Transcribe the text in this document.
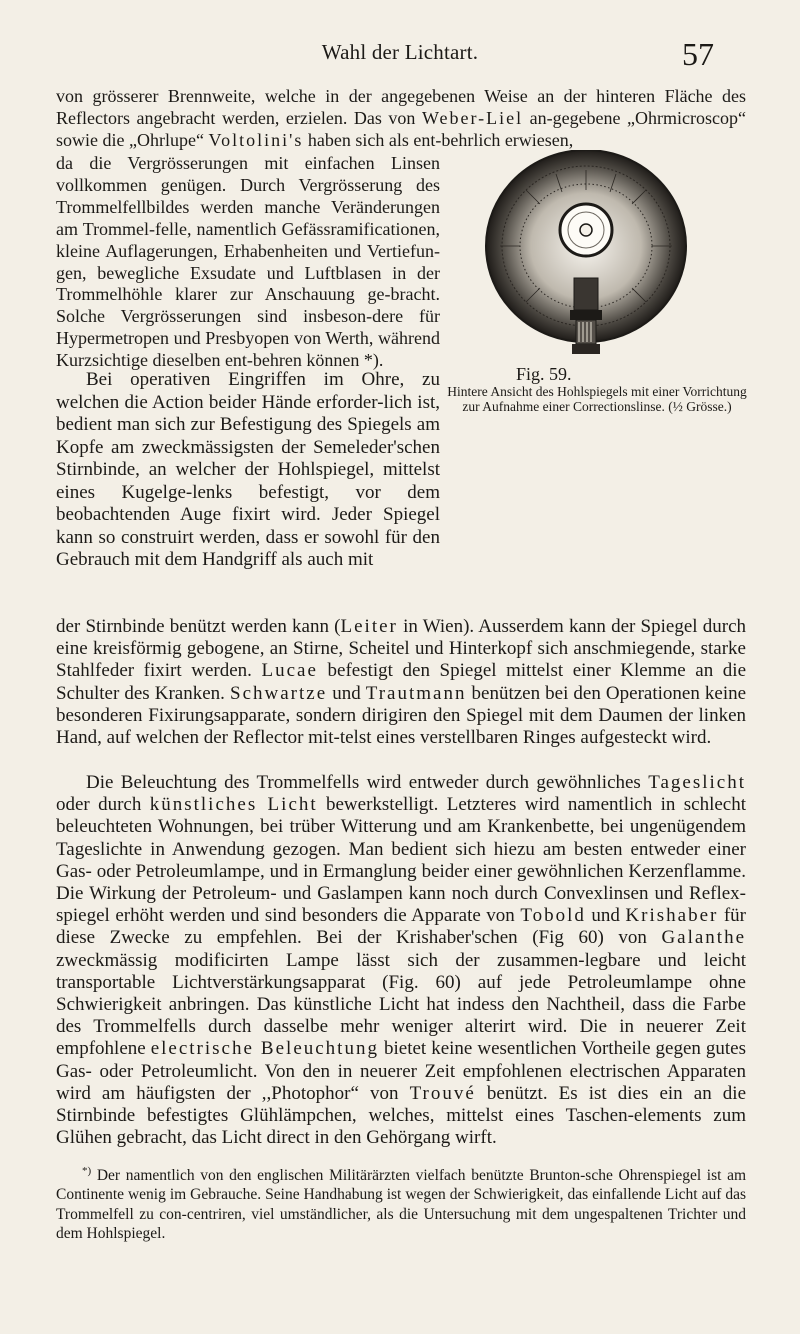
Wahl der Lichtart.	57

von grösserer Brennweite, welche in der angegebenen Weise an der hinteren Fläche des Reflectors angebracht werden, erzielen. Das von Weber-Liel an-gegebene „Ohrmicroscop“ sowie die „Ohrlupe“ Voltolini's haben sich als ent-behrlich erwiesen,

da die Vergrösserungen mit einfachen Linsen vollkommen genügen. Durch Vergrösserung des Trommelfellbildes werden manche Veränderungen am Trommel-felle, namentlich Gefässramificationen, kleine Auflagerungen, Erhabenheiten und Vertiefun-gen, bewegliche Exsudate und Luftblasen in der Trommelhöhle klarer zur Anschauung ge-bracht. Solche Vergrösserungen sind insbeson-dere für Hypermetropen und Presbyopen von Werth, während Kurzsichtige dieselben ent-behren können *).

Bei operativen Eingriffen im Ohre, zu welchen die Action beider Hände erforder-lich ist, bedient man sich zur Befestigung des Spiegels am Kopfe am zweckmässigsten der Semeleder'schen Stirnbinde, an welcher der Hohlspiegel, mittelst eines Kugelge-lenks befestigt, vor dem beobachtenden Auge fixirt wird. Jeder Spiegel kann so construirt werden, dass er sowohl für den Gebrauch mit dem Handgriff als auch mit

der Stirnbinde benützt werden kann (Leiter in Wien). Ausserdem kann der Spiegel durch eine kreisförmig gebogene, an Stirne, Scheitel und Hinterkopf sich anschmiegende, starke Stahlfeder fixirt werden. Lucae befestigt den Spiegel mittelst einer Klemme an die Schulter des Kranken. Schwartze und Trautmann benützen bei den Operationen keine besonderen Fixirungsapparate, sondern dirigiren den Spiegel mit dem Daumen der linken Hand, auf welchen der Reflector mit-telst eines verstellbaren Ringes aufgesteckt wird.

Die Beleuchtung des Trommelfells wird entweder durch gewöhnliches Tageslicht oder durch künstliches Licht bewerkstelligt. Letzteres wird namentlich in schlecht beleuchteten Wohnungen, bei trüber Witterung und am Krankenbette, bei ungenügendem Tageslichte in Anwendung gezogen. Man bedient sich hiezu am besten entweder einer Gas- oder Petroleumlampe, und in Ermanglung beider einer gewöhnlichen Kerzenflamme. Die Wirkung der Petroleum- und Gaslampen kann noch durch Convexlinsen und Reflex-spiegel erhöht werden und sind besonders die Apparate von Tobold und Krishaber für diese Zwecke zu empfehlen. Bei der Krishaber'schen (Fig 60) von Galanthe zweckmässig modificirten Lampe lässt sich der zusammen-legbare und leicht transportable Lichtverstärkungsapparat (Fig. 60) auf jede Petroleumlampe ohne Schwierigkeit anbringen. Das künstliche Licht hat indess den Nachtheil, dass die Farbe des Trommelfells durch dasselbe mehr weniger alterirt wird. Die in neuerer Zeit empfohlene electrische Beleuchtung bietet keine wesentlichen Vortheile gegen gutes Gas- oder Petroleumlicht. Von den in neuerer Zeit empfohlenen electrischen Apparaten wird am häufigsten der ,,Photophor“ von Trouvé benützt. Es ist dies ein an die Stirnbinde befestigtes Glühlämpchen, welches, mittelst eines Taschen-elements zum Glühen gebracht, das Licht direct in den Gehörgang wirft.

Fig. 59.
Hintere Ansicht des Hohlspiegels mit einer Vorrichtung zur Aufnahme einer Correctionslinse. (½ Grösse.)

*) Der namentlich von den englischen Militärärzten vielfach benützte Brunton-sche Ohrenspiegel ist am Continente wenig im Gebrauche. Seine Handhabung ist wegen der Schwierigkeit, das einfallende Licht auf das Trommelfell zu con-centriren, viel umständlicher, als die Untersuchung mit dem ungespaltenen Trichter und dem Hohlspiegel.
